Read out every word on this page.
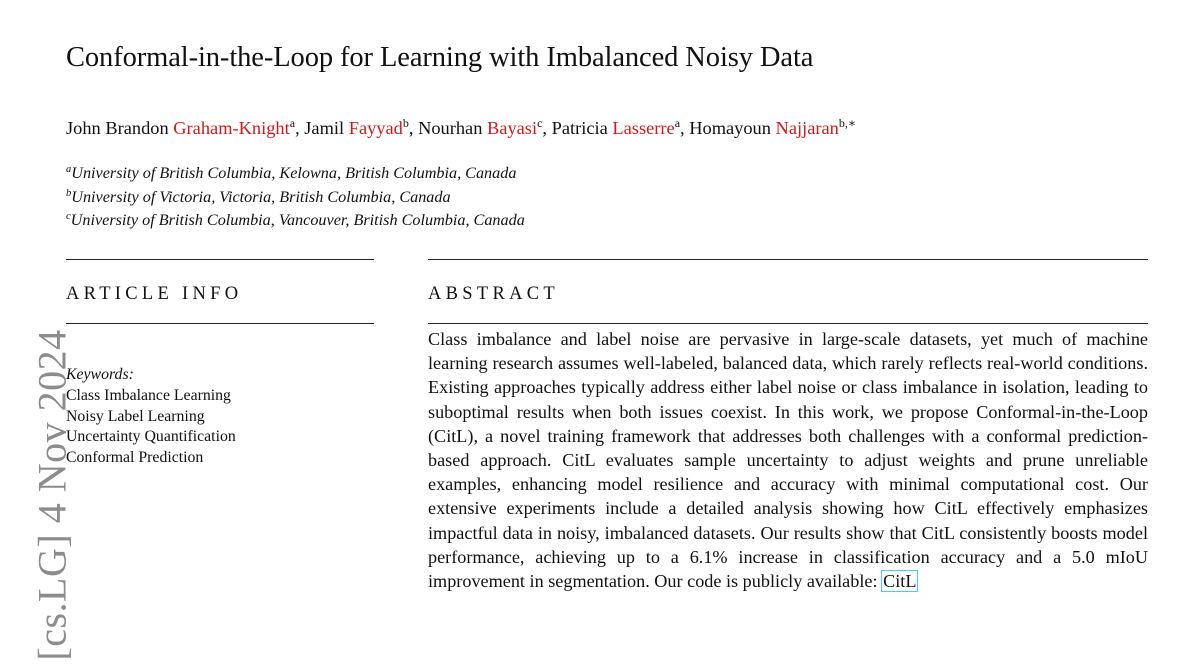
[cs.LG] 4 Nov 2024
Conformal-in-the-Loop for Learning with Imbalanced Noisy Data
John Brandon Graham-Knight$^a$, Jamil Fayyad$^b$, Nourhan Bayasi$^c$, Patricia Lasserre$^a$, Homayoun Najjaran$^{b,∗}$
$^a$University of British Columbia, Kelowna, British Columbia, Canada
$^b$University of Victoria, Victoria, British Columbia, Canada
$^c$University of British Columbia, Vancouver, British Columbia, Canada
ARTICLE INFO	ABSTRACT
Keywords:
Class Imbalance Learning
Noisy Label Learning
Uncertainty Quantification
Conformal Prediction
Class imbalance and label noise are pervasive in large-scale datasets, yet much of machine learning research assumes well-labeled, balanced data, which rarely reflects real-world conditions. Existing approaches typically address either label noise or class imbalance in isolation, leading to suboptimal results when both issues coexist. In this work, we propose Conformal-in-the-Loop (CitL), a novel training framework that addresses both challenges with a conformal prediction-based approach. CitL evaluates sample uncertainty to adjust weights and prune unreliable examples, enhancing model resilience and accuracy with minimal computational cost. Our extensive experiments include a detailed analysis showing how CitL effectively emphasizes impactful data in noisy, imbalanced datasets. Our results show that CitL consistently boosts model performance, achieving up to a 6.1% increase in classification accuracy and a 5.0 mIoU improvement in segmentation. Our code is publicly available: CitL
